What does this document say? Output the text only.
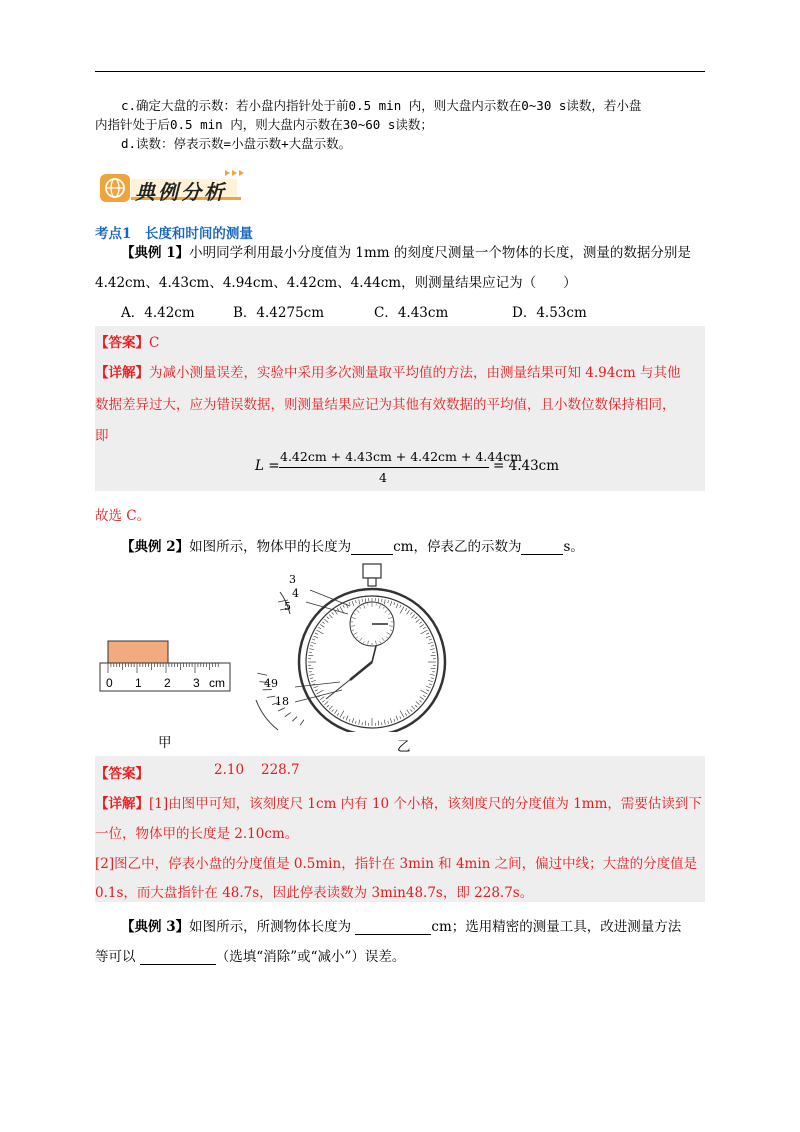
c.确定大盘的示数：若小盘内指针处于前0.5 min 内，则大盘内示数在0~30 s读数，若小盘
内指针处于后0.5 min 内，则大盘内示数在30~60 s读数；
d.读数：停表示数=小盘示数+大盘示数。
典例分析
考点1　长度和时间的测量
【典例 1】小明同学利用最小分度值为 1mm 的刻度尺测量一个物体的长度，测量的数据分别是
4.42cm、4.43cm、4.94cm、4.42cm、4.44cm，则测量结果应记为（　　）
A．4.42cm	B．4.4275cm	C．4.43cm	D．4.53cm
【答案】C
【详解】为减小测量误差，实验中采用多次测量取平均值的方法，由测量结果可知 4.94cm 与其他
数据差异过大，应为错误数据，则测量结果应记为其他有效数据的平均值，且小数位数保持相同，
即
L =
4.42cm + 4.43cm + 4.42cm + 4.44cm
4
= 4.43cm
故选 C。
【典例 2】如图所示，物体甲的长度为	cm，停表乙的示数为	s。
0 1 2 3 cm
甲
3
4
5
49
18
乙
【答案】	2.10 228.7
【详解】[1]由图甲可知，该刻度尺 1cm 内有 10 个小格，该刻度尺的分度值为 1mm，需要估读到下
一位，物体甲的长度是 2.10cm。
[2]图乙中，停表小盘的分度值是 0.5min，指针在 3min 和 4min 之间，偏过中线；大盘的分度值是
0.1s，而大盘指针在 48.7s，因此停表读数为 3min48.7s，即 228.7s。
【典例 3】如图所示，所测物体长度为	cm；选用精密的测量工具，改进测量方法
等可以	（选填“消除”或“减小”）误差。
